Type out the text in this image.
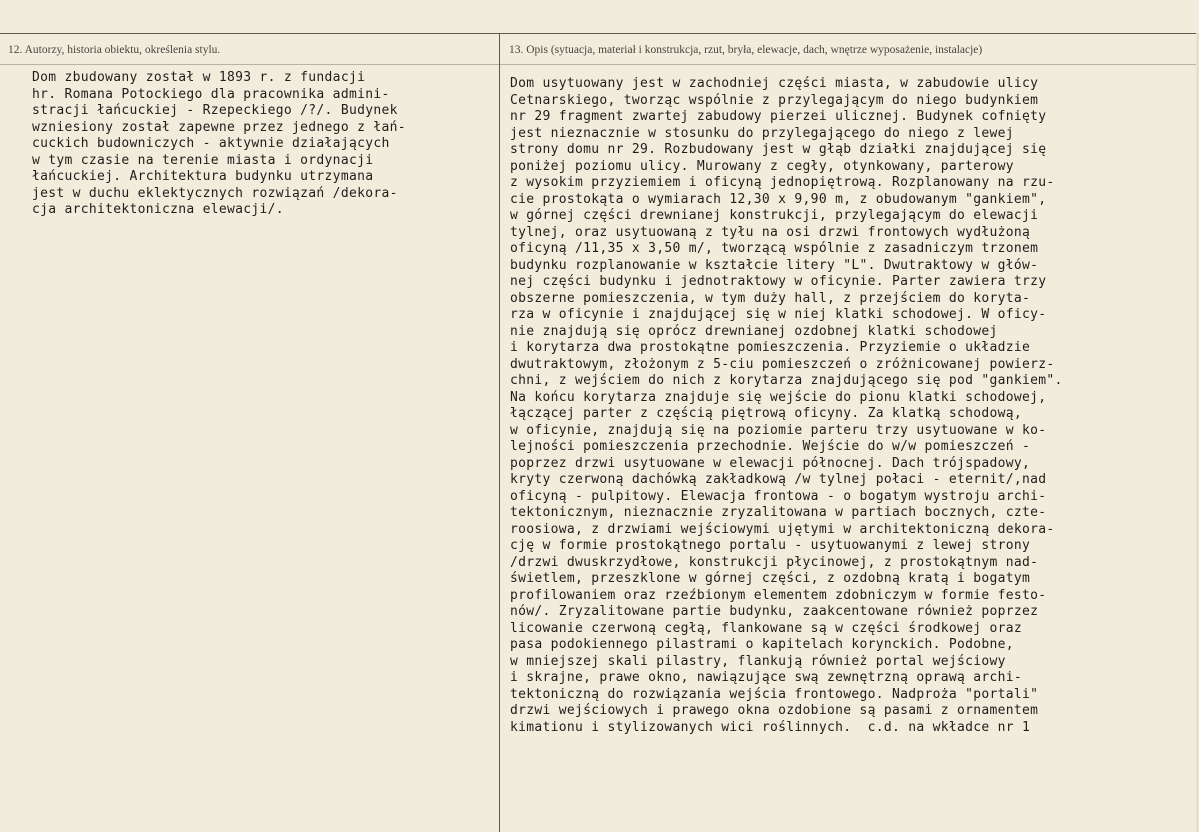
12. Autorzy, historia obiektu, określenia stylu.	13. Opis (sytuacja, materiał i konstrukcja, rzut, bryła, elewacje, dach, wnętrze wyposażenie, instalacje)

Dom zbudowany został w 1893 r. z fundacji
hr. Romana Potockiego dla pracownika admini-
stracji łańcuckiej - Rzepeckiego /?/. Budynek
wzniesiony został zapewne przez jednego z łań-
cuckich budowniczych - aktywnie działających
w tym czasie na terenie miasta i ordynacji
łańcuckiej. Architektura budynku utrzymana
jest w duchu eklektycznych rozwiązań /dekora-
cja architektoniczna elewacji/.
Dom usytuowany jest w zachodniej części miasta, w zabudowie ulicy
Cetnarskiego, tworząc wspólnie z przylegającym do niego budynkiem
nr 29 fragment zwartej zabudowy pierzei ulicznej. Budynek cofnięty
jest nieznacznie w stosunku do przylegającego do niego z lewej
strony domu nr 29. Rozbudowany jest w głąb działki znajdującej się
poniżej poziomu ulicy. Murowany z cegły, otynkowany, parterowy
z wysokim przyziemiem i oficyną jednopiętrową. Rozplanowany na rzu-
cie prostokąta o wymiarach 12,30 x 9,90 m, z obudowanym "gankiem",
w górnej części drewnianej konstrukcji, przylegającym do elewacji
tylnej, oraz usytuowaną z tyłu na osi drzwi frontowych wydłużoną
oficyną /11,35 x 3,50 m/, tworzącą wspólnie z zasadniczym trzonem
budynku rozplanowanie w kształcie litery "L". Dwutraktowy w głów-
nej części budynku i jednotraktowy w oficynie. Parter zawiera trzy
obszerne pomieszczenia, w tym duży hall, z przejściem do koryta-
rza w oficynie i znajdującej się w niej klatki schodowej. W oficy-
nie znajdują się oprócz drewnianej ozdobnej klatki schodowej
i korytarza dwa prostokątne pomieszczenia. Przyziemie o układzie
dwutraktowym, złożonym z 5-ciu pomieszczeń o zróżnicowanej powierz-
chni, z wejściem do nich z korytarza znajdującego się pod "gankiem".
Na końcu korytarza znajduje się wejście do pionu klatki schodowej,
łączącej parter z częścią piętrową oficyny. Za klatką schodową,
w oficynie, znajdują się na poziomie parteru trzy usytuowane w ko-
lejności pomieszczenia przechodnie. Wejście do w/w pomieszczeń -
poprzez drzwi usytuowane w elewacji północnej. Dach trójspadowy,
kryty czerwoną dachówką zakładkową /w tylnej połaci - eternit/,nad
oficyną - pulpitowy. Elewacja frontowa - o bogatym wystroju archi-
tektonicznym, nieznacznie zryzalitowana w partiach bocznych, czte-
roosiowa, z drzwiami wejściowymi ujętymi w architektoniczną dekora-
cję w formie prostokątnego portalu - usytuowanymi z lewej strony
/drzwi dwuskrzydłowe, konstrukcji płycinowej, z prostokątnym nad-
świetlem, przeszklone w górnej części, z ozdobną kratą i bogatym
profilowaniem oraz rzeźbionym elementem zdobniczym w formie festo-
nów/. Zryzalitowane partie budynku, zaakcentowane również poprzez
licowanie czerwoną cegłą, flankowane są w części środkowej oraz
pasa podokiennego pilastrami o kapitelach korynckich. Podobne,
w mniejszej skali pilastry, flankują również portal wejściowy
i skrajne, prawe okno, nawiązujące swą zewnętrzną oprawą archi-
tektoniczną do rozwiązania wejścia frontowego. Nadproża "portali"
drzwi wejściowych i prawego okna ozdobione są pasami z ornamentem
kimationu i stylizowanych wici roślinnych.  c.d. na wkładce nr 1
